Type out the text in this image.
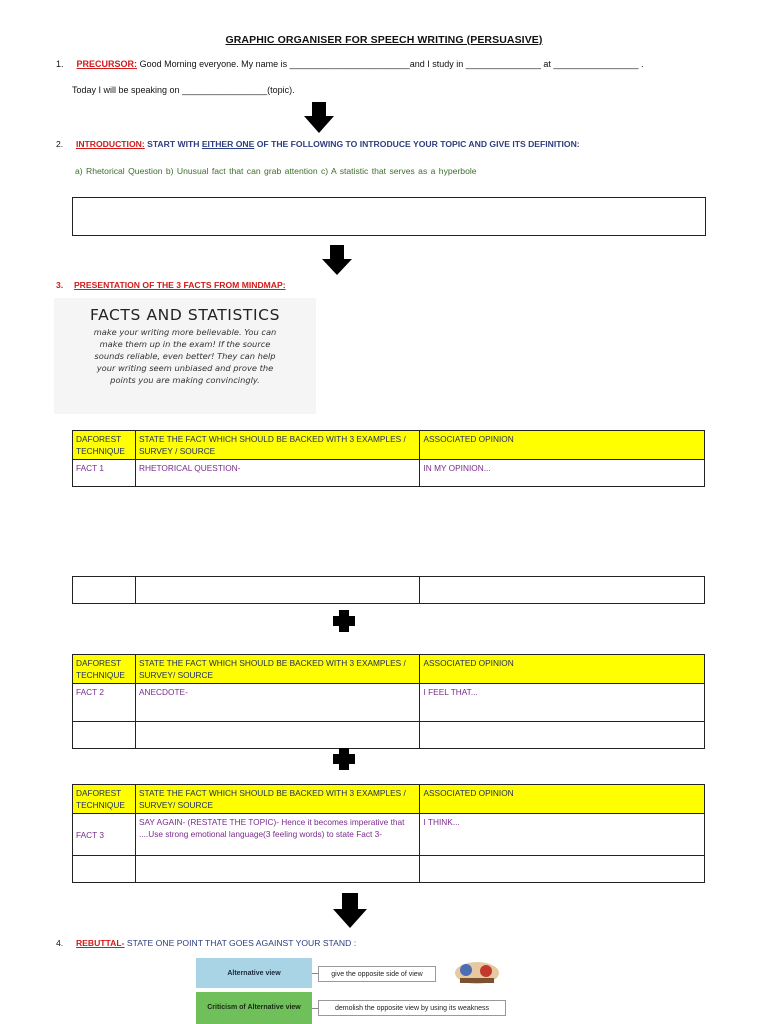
GRAPHIC ORGANISER FOR SPEECH WRITING (PERSUASIVE)
1. PRECURSOR: Good Morning everyone. My name is ________________________and I study in _______________ at _________________ .
Today I will be speaking on _________________(topic).
2. INTRODUCTION: START WITH EITHER ONE OF THE FOLLOWING TO INTRODUCE YOUR TOPIC AND GIVE ITS DEFINITION:
a) Rhetorical Question b) Unusual fact that can grab attention c) A statistic that serves as a hyperbole
3. PRESENTATION OF THE 3 FACTS FROM MINDMAP:
FACTS AND STATISTICS

make your writing more believable. You can make them up in the exam! If the source sounds reliable, even better! They can help your writing seem unbiased and prove the points you are making convincingly.

DAFOREST TECHNIQUE	STATE THE FACT WHICH SHOULD BE BACKED WITH 3 EXAMPLES / SURVEY / SOURCE	ASSOCIATED OPINION
FACT 1	RHETORICAL QUESTION-	IN MY OPINION...

DAFOREST TECHNIQUE	STATE THE FACT WHICH SHOULD BE BACKED WITH 3 EXAMPLES / SURVEY/ SOURCE	ASSOCIATED OPINION
FACT 2	ANECDOTE-	I FEEL THAT...

DAFOREST TECHNIQUE	STATE THE FACT WHICH SHOULD BE BACKED WITH 3 EXAMPLES / SURVEY/ SOURCE	ASSOCIATED OPINION
FACT 3	SAY AGAIN- (RESTATE THE TOPIC)- Hence it becomes imperative that ....Use strong emotional language(3 feeling words) to state Fact 3-	I THINK...

4. REBUTTAL- STATE ONE POINT THAT GOES AGAINST YOUR STAND :
Alternative view	give the opposite side of view
Criticism of Alternative view	demolish the opposite view by using its weakness
